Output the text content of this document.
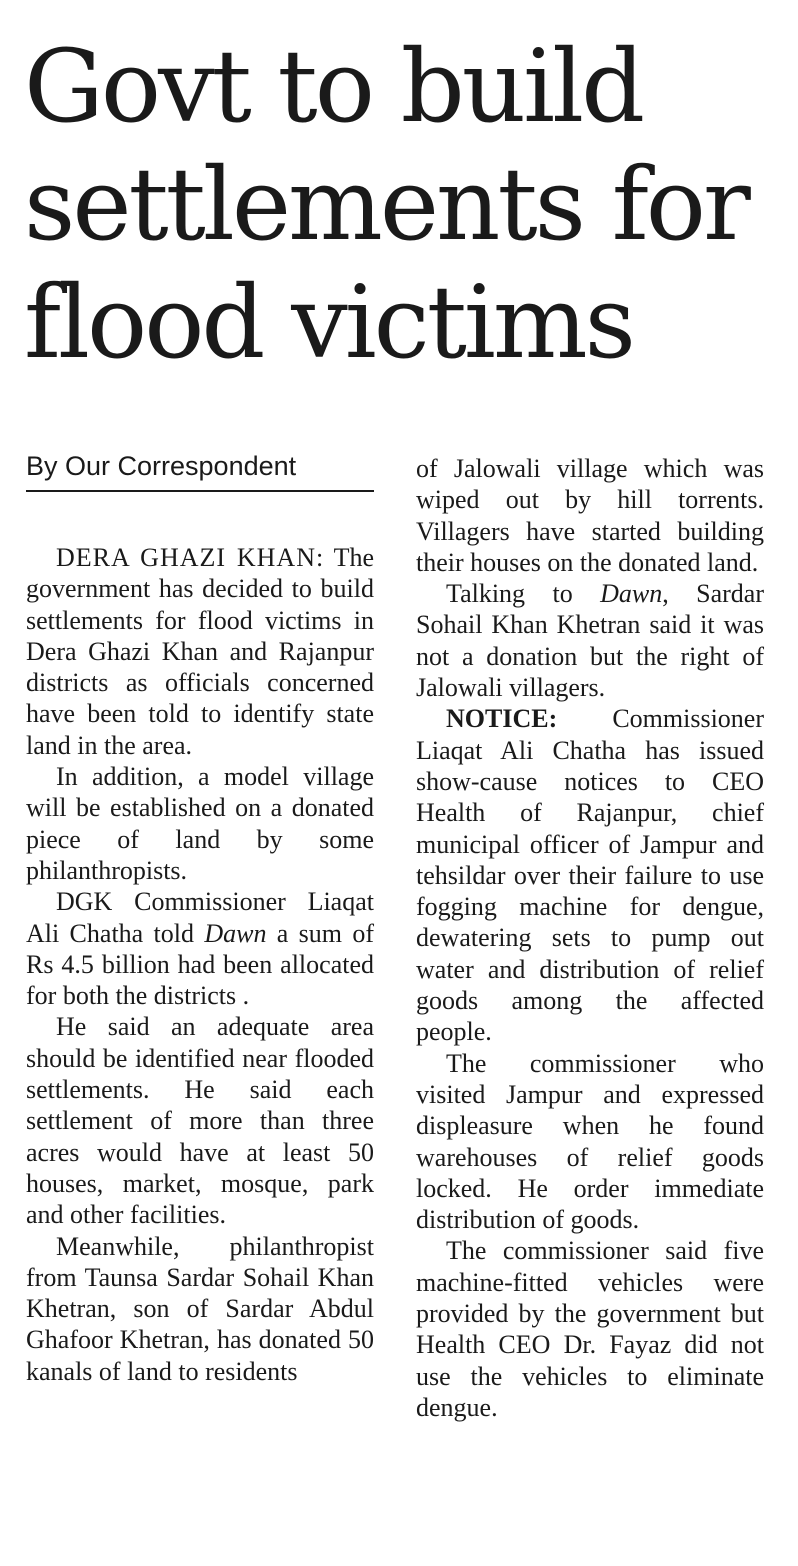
Govt to build
settlements for
flood victims
By Our Correspondent

DERA GHAZI KHAN: The government has decided to build settlements for flood victims in Dera Ghazi Khan and Rajanpur districts as officials concerned have been told to identify state land in the area.

In addition, a model village will be established on a donated piece of land by some philanthropists.

DGK Commissioner Liaqat Ali Chatha told Dawn a sum of Rs 4.5 billion had been allocated for both the districts .

He said an adequate area should be identified near flooded settlements. He said each settlement of more than three acres would have at least 50 houses, market, mosque, park and other facilities.

Meanwhile, philanthropist from Taunsa Sardar Sohail Khan Khetran, son of Sardar Abdul Ghafoor Khetran, has donated 50 kanals of land to residents

of Jalowali village which was wiped out by hill torrents. Villagers have started building their houses on the donated land.

Talking to Dawn, Sardar Sohail Khan Khetran said it was not a donation but the right of Jalowali villagers.

NOTICE: Commissioner Liaqat Ali Chatha has issued show-cause notices to CEO Health of Rajanpur, chief municipal officer of Jampur and tehsildar over their failure to use fogging machine for dengue, dewatering sets to pump out water and distribution of relief goods among the affected people.

The commissioner who visited Jampur and expressed displeasure when he found warehouses of relief goods locked. He order immediate distribution of goods.

The commissioner said five machine-fitted vehicles were provided by the government but Health CEO Dr. Fayaz did not use the vehicles to eliminate dengue.
